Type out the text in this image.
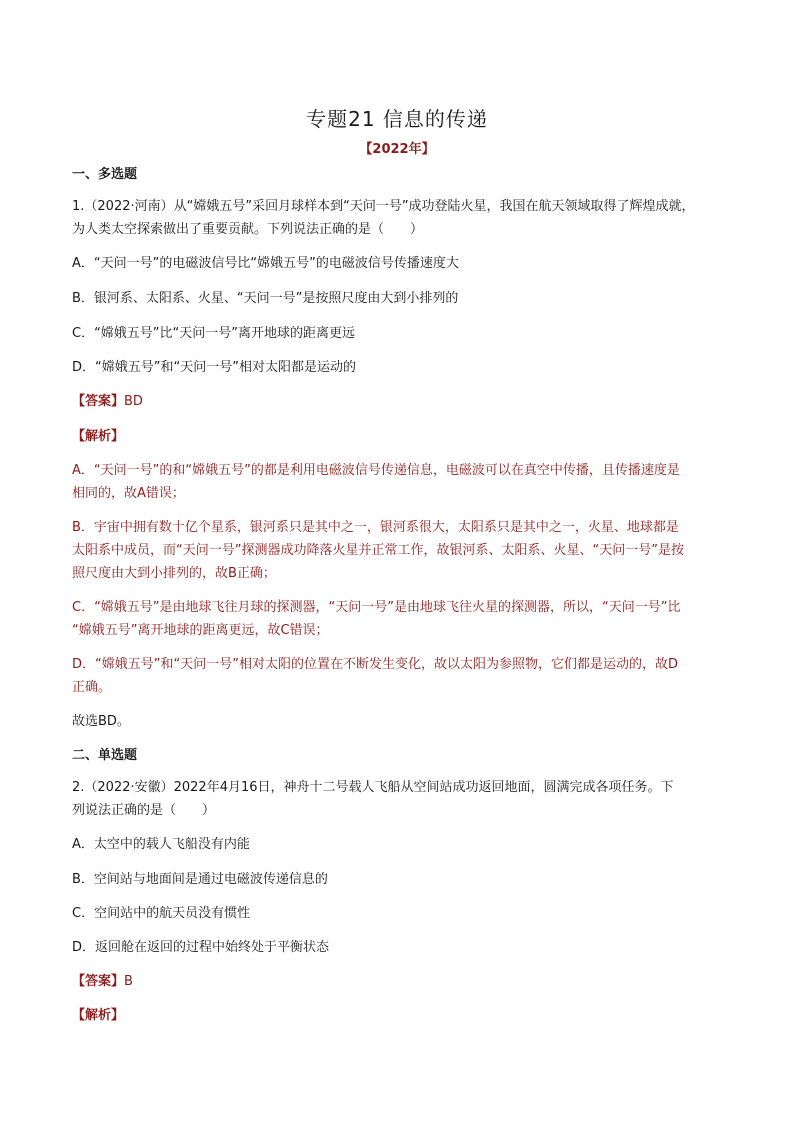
专题21 信息的传递
【2022年】
一、多选题
1.（2022·河南）从“嫦娥五号”采回月球样本到“天问一号”成功登陆火星，我国在航天领域取得了辉煌成就，
为人类太空探索做出了重要贡献。下列说法正确的是（　　）
A．“天问一号”的电磁波信号比“嫦娥五号”的电磁波信号传播速度大
B．银河系、太阳系、火星、“天问一号”是按照尺度由大到小排列的
C．“嫦娥五号”比“天问一号”离开地球的距离更远
D．“嫦娥五号”和“天问一号”相对太阳都是运动的
【答案】BD
【解析】
A．“天问一号”的和“嫦娥五号”的都是利用电磁波信号传递信息，电磁波可以在真空中传播，且传播速度是
相同的，故A错误；
B．宇宙中拥有数十亿个星系，银河系只是其中之一，银河系很大，太阳系只是其中之一，火星、地球都是
太阳系中成员，而“天问一号”探测器成功降落火星并正常工作，故银河系、太阳系、火星、“天问一号”是按
照尺度由大到小排列的，故B正确；
C．“嫦娥五号”是由地球飞往月球的探测器，“天问一号”是由地球飞往火星的探测器，所以，“天问一号”比
“嫦娥五号”离开地球的距离更远，故C错误；
D．“嫦娥五号”和“天问一号”相对太阳的位置在不断发生变化，故以太阳为参照物，它们都是运动的，故D
正确。
故选BD。
二、单选题
2.（2022·安徽）2022年4月16日，神舟十二号载人飞船从空间站成功返回地面，圆满完成各项任务。下
列说法正确的是（　　）
A．太空中的载人飞船没有内能
B．空间站与地面间是通过电磁波传递信息的
C．空间站中的航天员没有惯性
D．返回舱在返回的过程中始终处于平衡状态
【答案】B
【解析】
